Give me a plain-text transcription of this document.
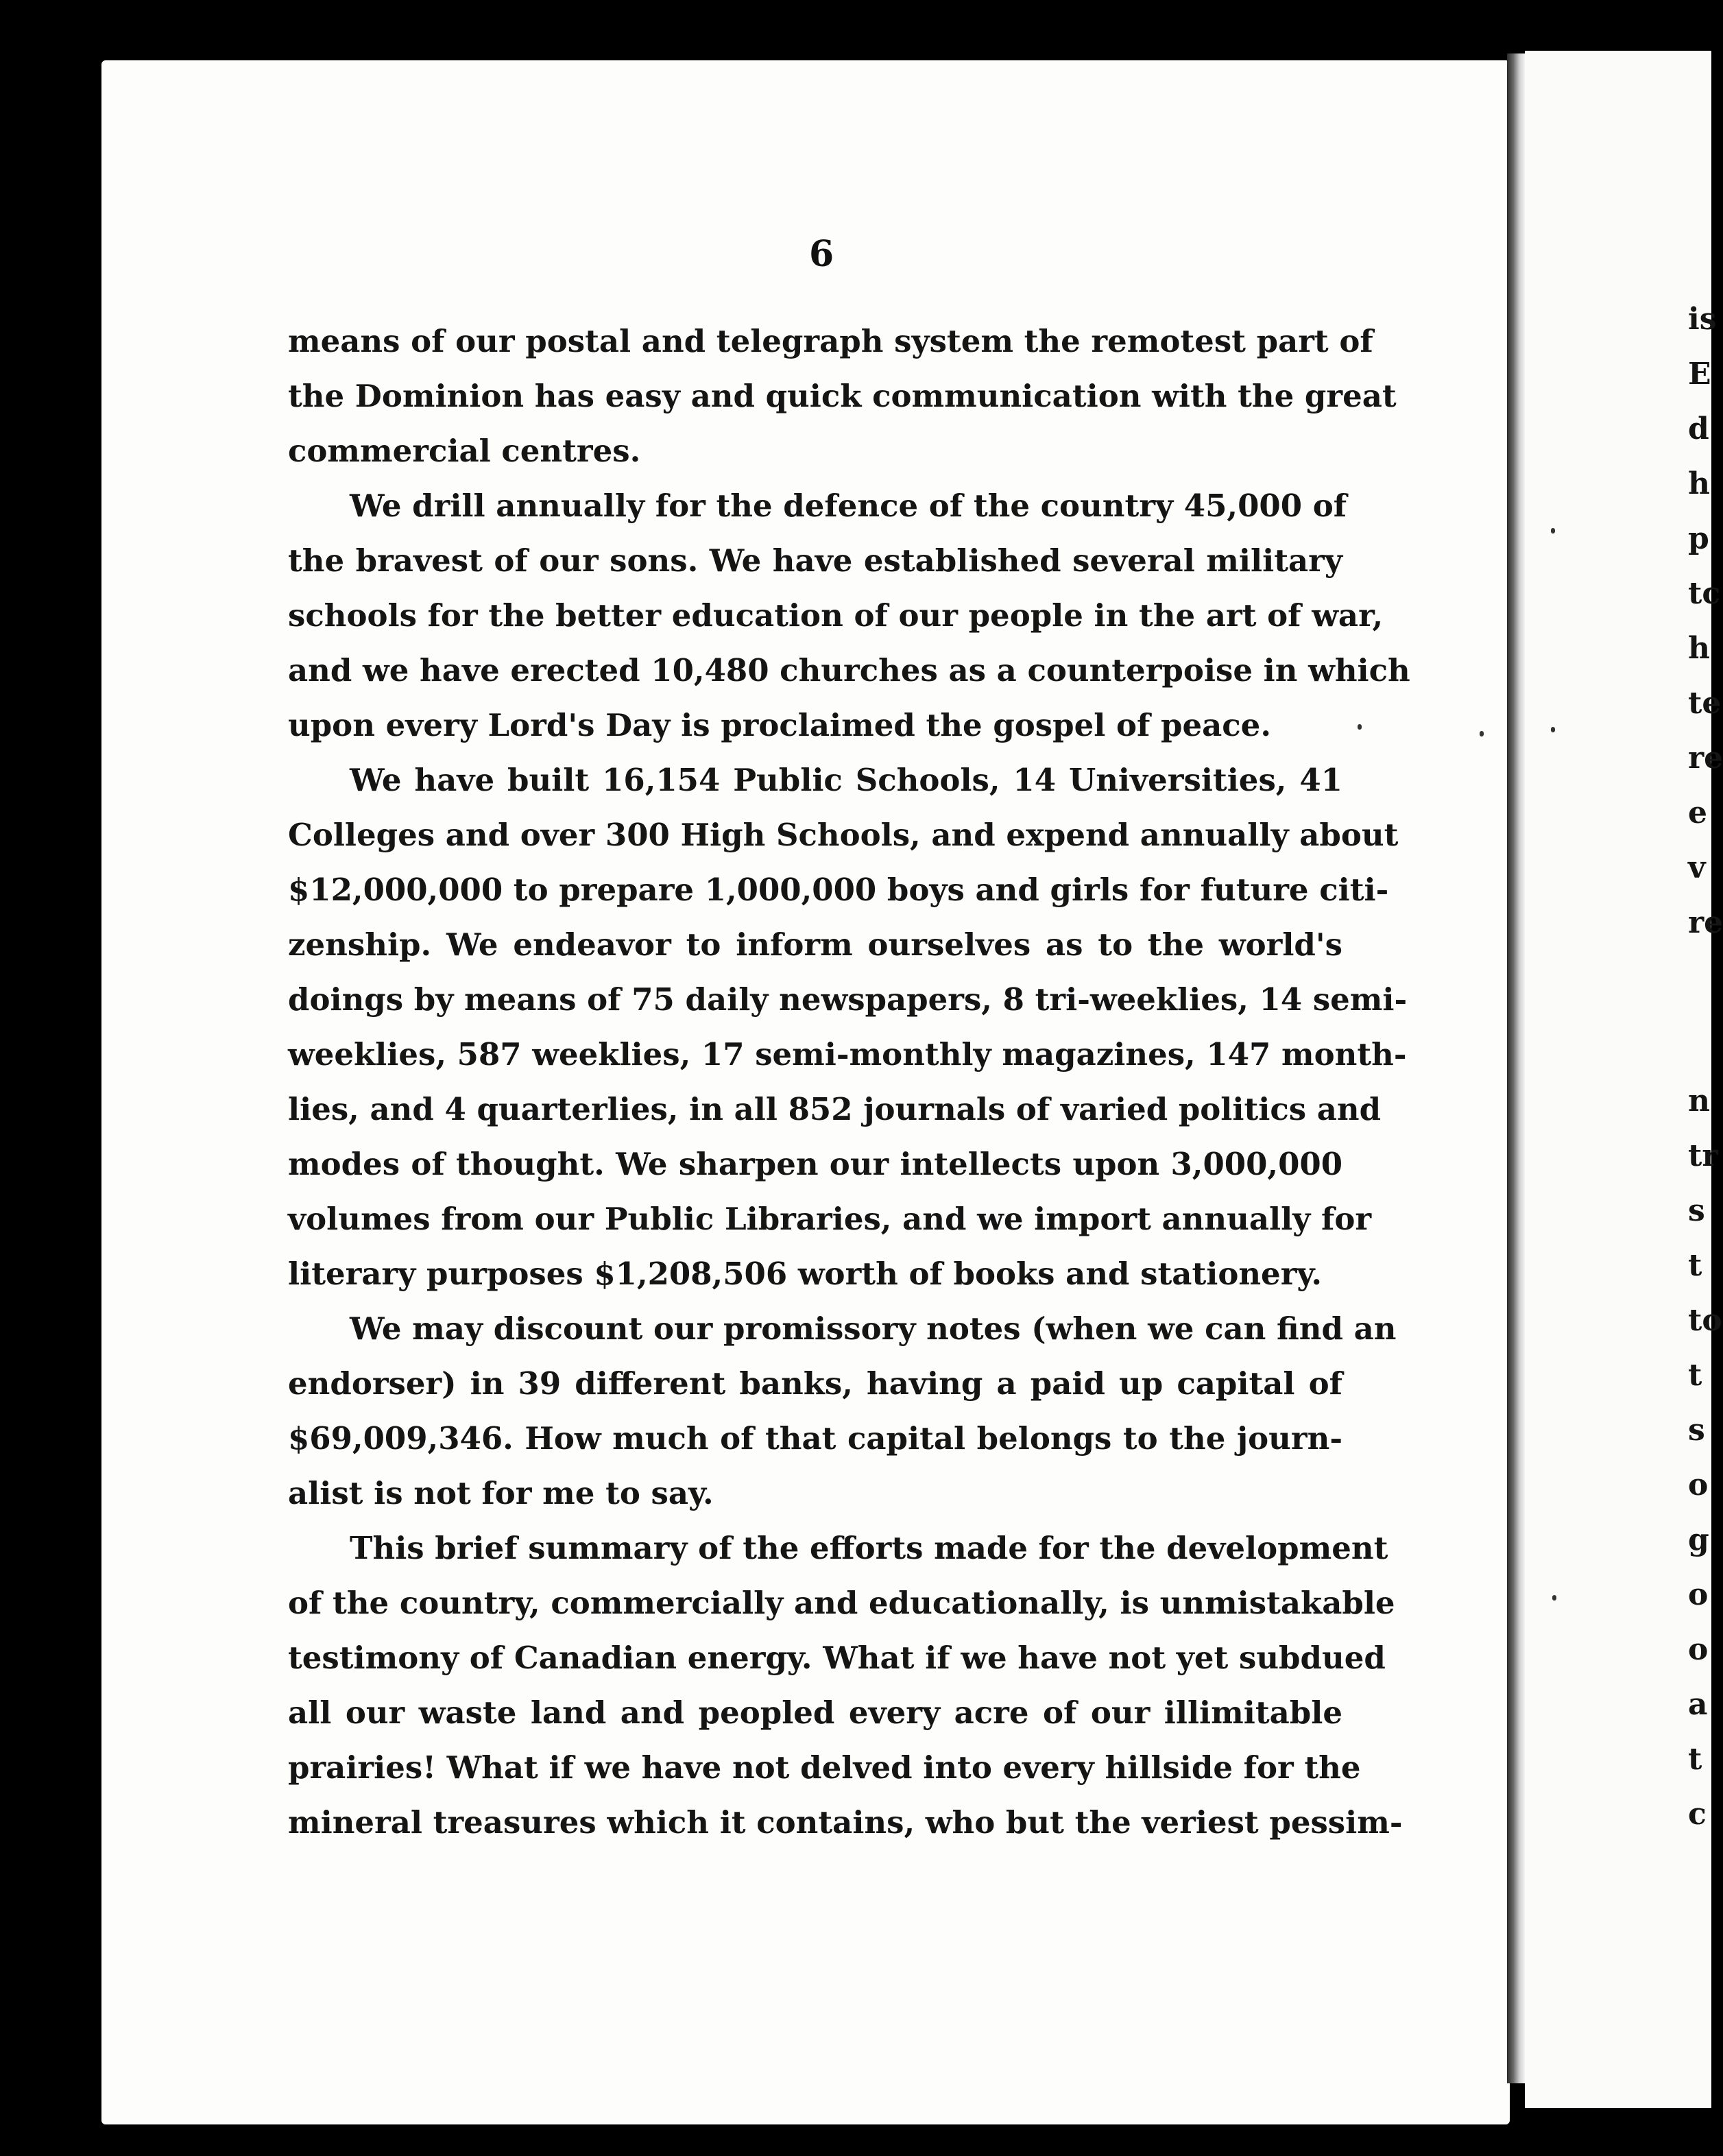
6
means of our postal and telegraph system the remotest part of
the Dominion has easy and quick communication with the great
commercial centres.
We drill annually for the defence of the country 45,000 of
the bravest of our sons. We have established several military
schools for the better education of our people in the art of war,
and we have erected 10,480 churches as a counterpoise in which
upon every Lord's Day is proclaimed the gospel of peace.
We have built 16,154 Public Schools, 14 Universities, 41
Colleges and over 300 High Schools, and expend annually about
$12,000,000 to prepare 1,000,000 boys and girls for future citi-
zenship. We endeavor to inform ourselves as to the world's
doings by means of 75 daily newspapers, 8 tri-weeklies, 14 semi-
weeklies, 587 weeklies, 17 semi-monthly magazines, 147 month-
lies, and 4 quarterlies, in all 852 journals of varied politics and
modes of thought. We sharpen our intellects upon 3,000,000
volumes from our Public Libraries, and we import annually for
literary purposes $1,208,506 worth of books and stationery.
We may discount our promissory notes (when we can find an
endorser) in 39 different banks, having a paid up capital of
$69,009,346. How much of that capital belongs to the journ-
alist is not for me to say.
This brief summary of the efforts made for the development
of the country, commercially and educationally, is unmistakable
testimony of Canadian energy. What if we have not yet subdued
all our waste land and peopled every acre of our illimitable
prairies! What if we have not delved into every hillside for the
mineral treasures which it contains, who but the veriest pessim-
is
E
d
h
p
tc
h
te
re
e
v
re
n
tr
s
t
to
t
s
o
g
o
o
a
t
c
